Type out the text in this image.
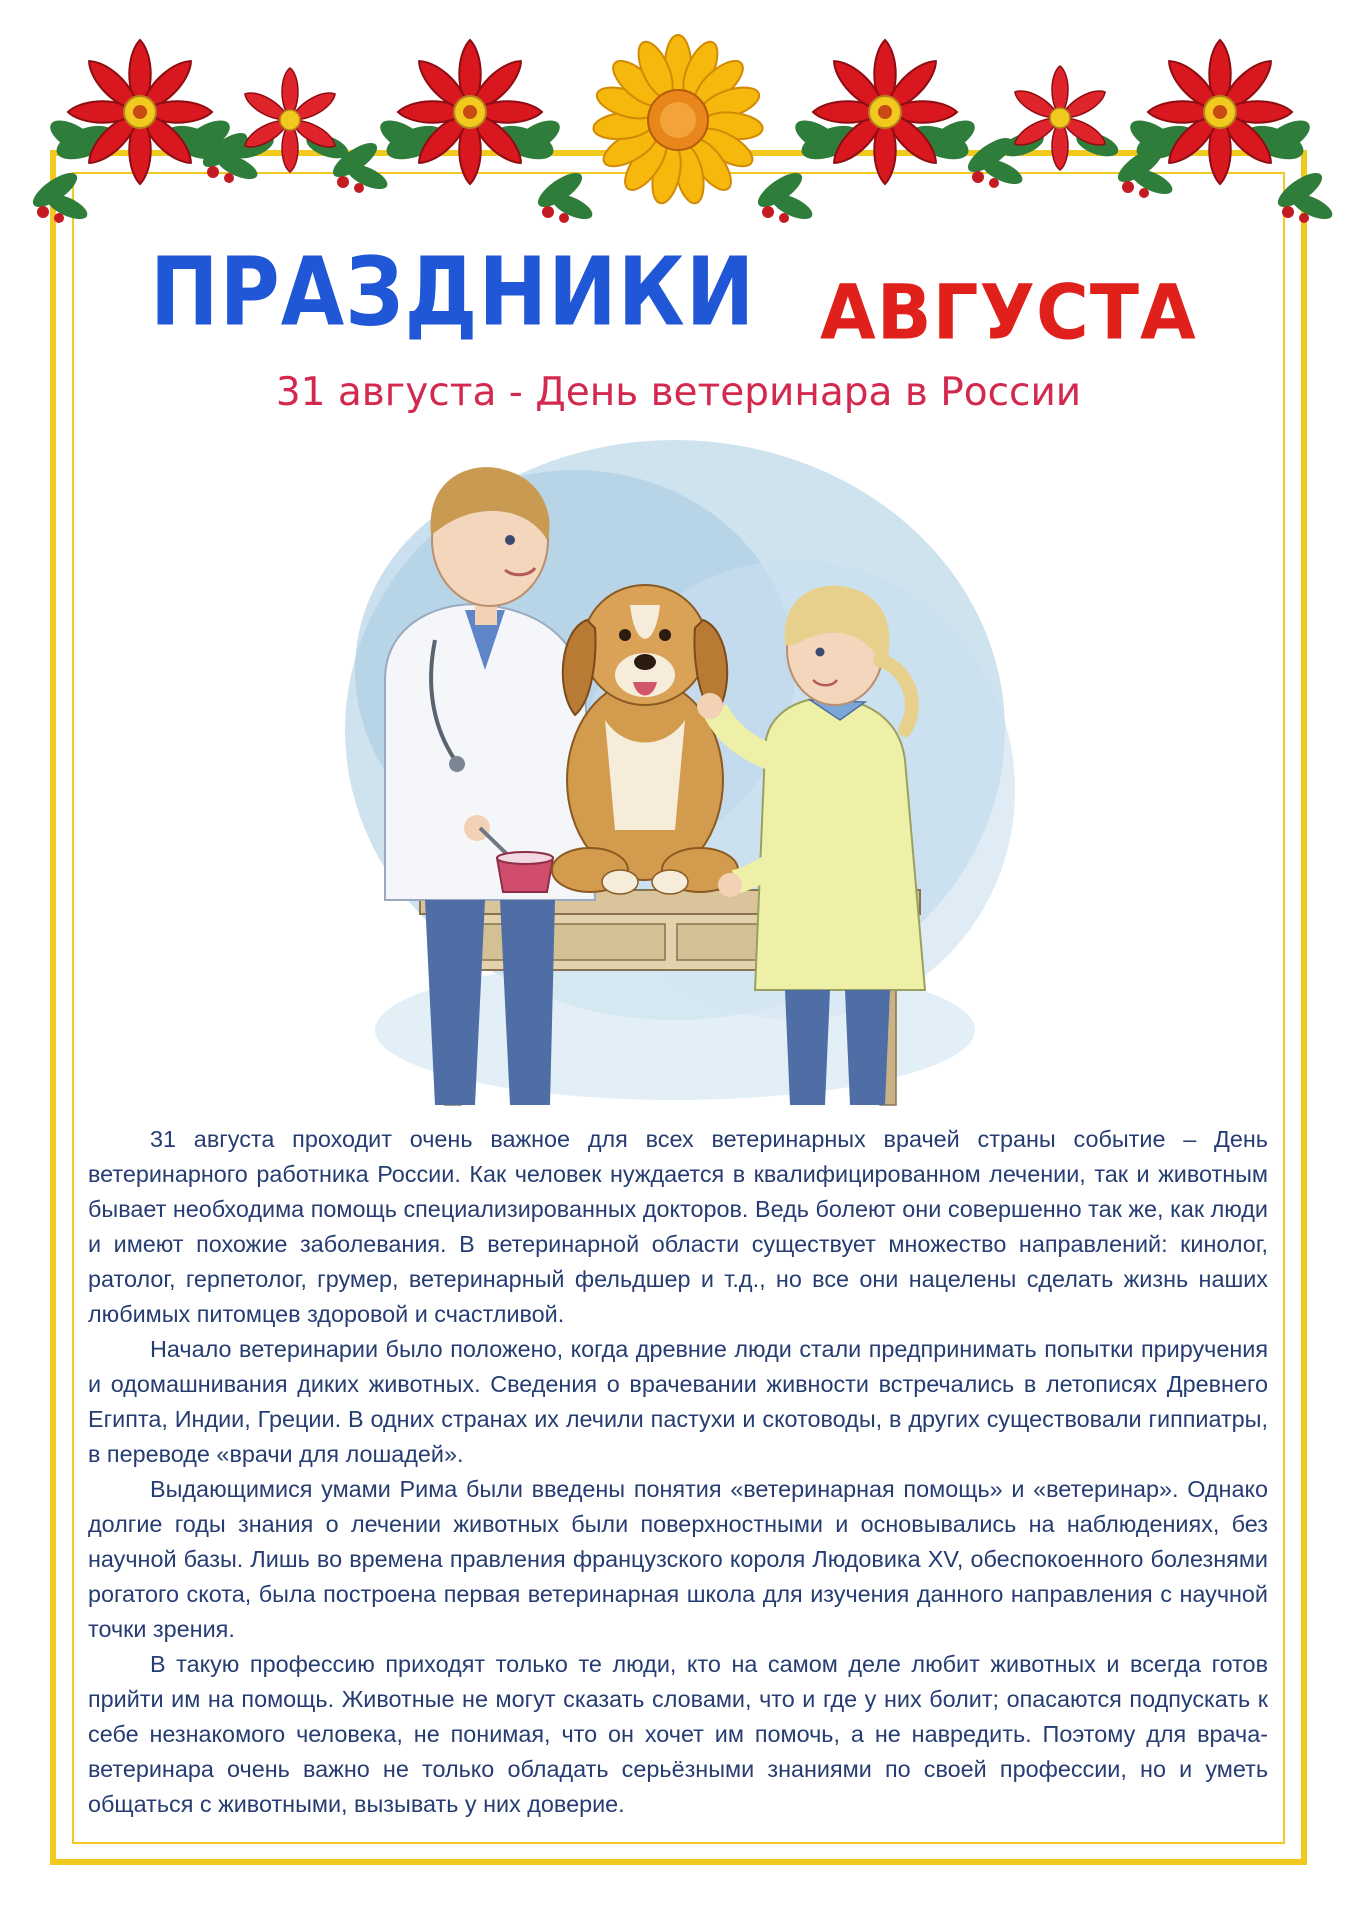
ПРАЗДНИКИ АВГУСТА
31 августа - День ветеринара в России

31 августа проходит очень важное для всех ветеринарных врачей страны событие – День ветеринарного работника России. Как человек нуждается в квалифицированном лечении, так и животным бывает необходима помощь специализированных докторов. Ведь болеют они совершенно так же, как люди и имеют похожие заболевания. В ветеринарной области существует множество направлений: кинолог, ратолог, герпетолог, грумер, ветеринарный фельдшер и т.д., но все они нацелены сделать жизнь наших любимых питомцев здоровой и счастливой.

Начало ветеринарии было положено, когда древние люди стали предпринимать попытки приручения и одомашнивания диких животных. Сведения о врачевании живности встречались в летописях Древнего Египта, Индии, Греции. В одних странах их лечили пастухи и скотоводы, в других существовали гиппиатры, в переводе «врачи для лошадей».

Выдающимися умами Рима были введены понятия «ветеринарная помощь» и «ветеринар». Однако долгие годы знания о лечении животных были поверхностными и основывались на наблюдениях, без научной базы. Лишь во времена правления французского короля Людовика XV, обеспокоенного болезнями рогатого скота, была построена первая ветеринарная школа для изучения данного направления с научной точки зрения.

В такую профессию приходят только те люди, кто на самом деле любит животных и всегда готов прийти им на помощь. Животные не могут сказать словами, что и где у них болит; опасаются подпускать к себе незнакомого человека, не понимая, что он хочет им помочь, а не навредить. Поэтому для врача-ветеринара очень важно не только обладать серьёзными знаниями по своей профессии, но и уметь общаться с животными, вызывать у них доверие.
